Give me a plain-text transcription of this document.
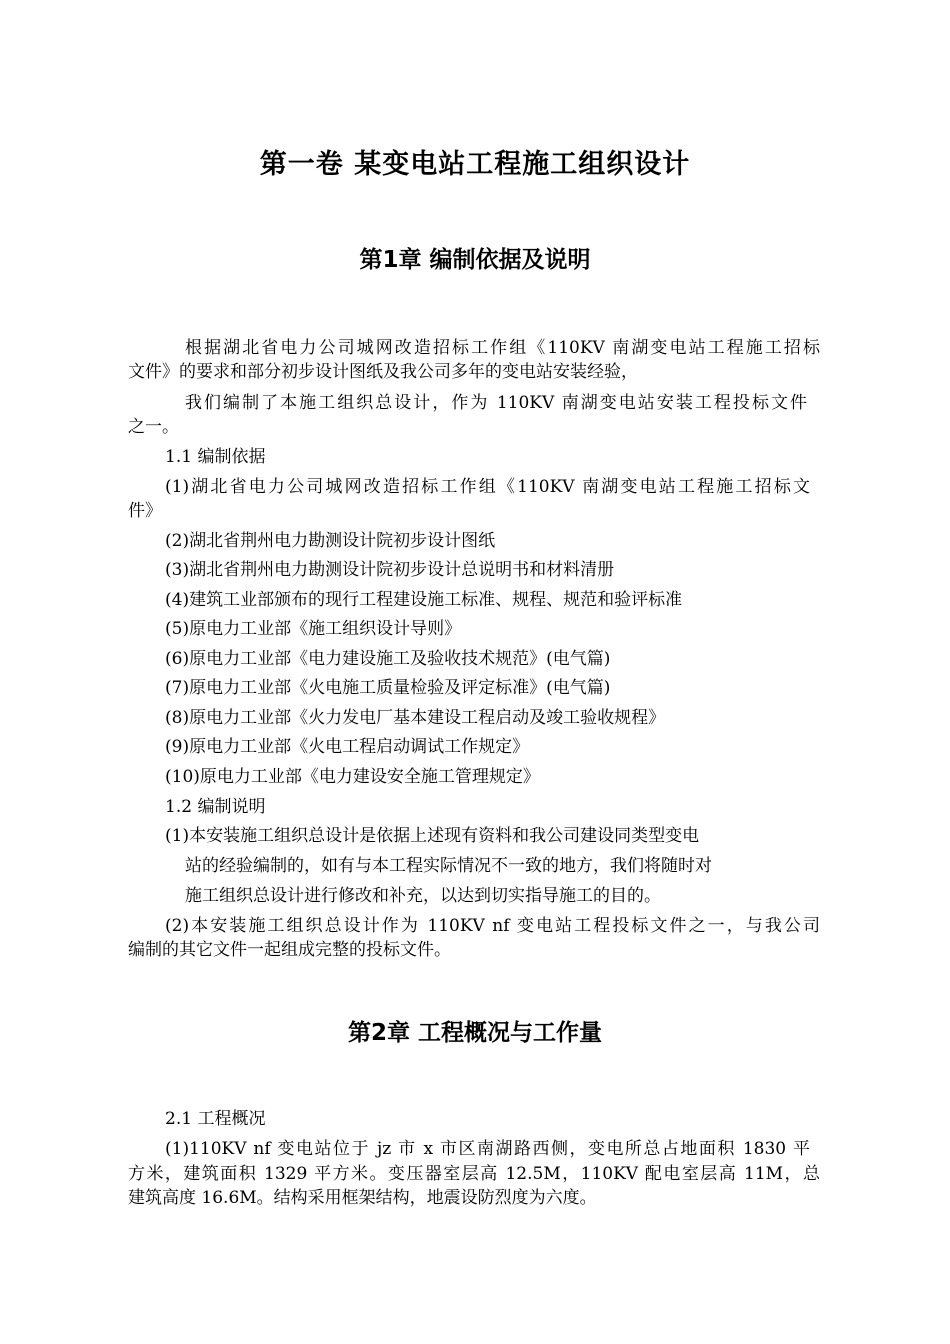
第一卷 某变电站工程施工组织设计
第1章 编制依据及说明
根据湖北省电力公司城网改造招标工作组《110KV 南湖变电站工程施工招标
文件》的要求和部分初步设计图纸及我公司多年的变电站安装经验，
我们编制了本施工组织总设计，作为 110KV 南湖变电站安装工程投标文件
之一。
1.1 编制依据
(1)湖北省电力公司城网改造招标工作组《110KV 南湖变电站工程施工招标文
件》
(2)湖北省荆州电力勘测设计院初步设计图纸
(3)湖北省荆州电力勘测设计院初步设计总说明书和材料清册
(4)建筑工业部颁布的现行工程建设施工标准、规程、规范和验评标准
(5)原电力工业部《施工组织设计导则》
(6)原电力工业部《电力建设施工及验收技术规范》(电气篇)
(7)原电力工业部《火电施工质量检验及评定标准》(电气篇)
(8)原电力工业部《火力发电厂基本建设工程启动及竣工验收规程》
(9)原电力工业部《火电工程启动调试工作规定》
(10)原电力工业部《电力建设安全施工管理规定》
1.2 编制说明
(1)本安装施工组织总设计是依据上述现有资料和我公司建设同类型变电
站的经验编制的，如有与本工程实际情况不一致的地方，我们将随时对
施工组织总设计进行修改和补充，以达到切实指导施工的目的。
(2)本安装施工组织总设计作为 110KV nf 变电站工程投标文件之一，与我公司
编制的其它文件一起组成完整的投标文件。
第2章 工程概况与工作量
2.1 工程概况
(1)110KV nf 变电站位于 jz 市 x 市区南湖路西侧，变电所总占地面积 1830 平
方米，建筑面积 1329 平方米。变压器室层高 12.5M，110KV 配电室层高 11M，总
建筑高度 16.6M。结构采用框架结构，地震设防烈度为六度。
